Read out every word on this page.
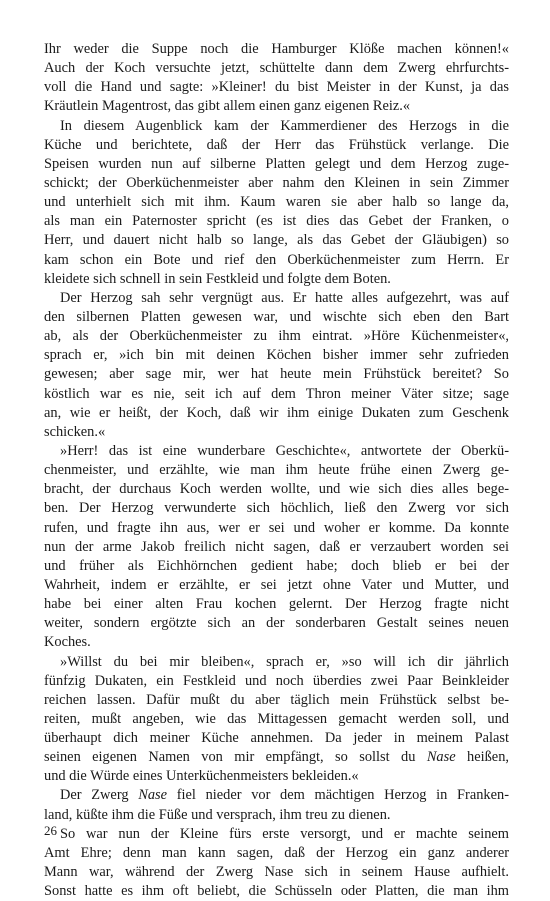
Ihr weder die Suppe noch die Hamburger Klöße machen können!«
Auch der Koch versuchte jetzt, schüttelte dann dem Zwerg ehrfurchts-
voll die Hand und sagte: »Kleiner! du bist Meister in der Kunst, ja das
Kräutlein Magentrost, das gibt allem einen ganz eigenen Reiz.«
In diesem Augenblick kam der Kammerdiener des Herzogs in die
Küche und berichtete, daß der Herr das Frühstück verlange. Die
Speisen wurden nun auf silberne Platten gelegt und dem Herzog zuge-
schickt; der Oberküchenmeister aber nahm den Kleinen in sein Zimmer
und unterhielt sich mit ihm. Kaum waren sie aber halb so lange da,
als man ein Paternoster spricht (es ist dies das Gebet der Franken, o
Herr, und dauert nicht halb so lange, als das Gebet der Gläubigen) so
kam schon ein Bote und rief den Oberküchenmeister zum Herrn. Er
kleidete sich schnell in sein Festkleid und folgte dem Boten.
Der Herzog sah sehr vergnügt aus. Er hatte alles aufgezehrt, was auf
den silbernen Platten gewesen war, und wischte sich eben den Bart
ab, als der Oberküchenmeister zu ihm eintrat. »Höre Küchenmeister«,
sprach er, »ich bin mit deinen Köchen bisher immer sehr zufrieden
gewesen; aber sage mir, wer hat heute mein Frühstück bereitet? So
köstlich war es nie, seit ich auf dem Thron meiner Väter sitze; sage
an, wie er heißt, der Koch, daß wir ihm einige Dukaten zum Geschenk
schicken.«
»Herr! das ist eine wunderbare Geschichte«, antwortete der Oberkü-
chenmeister, und erzählte, wie man ihm heute frühe einen Zwerg ge-
bracht, der durchaus Koch werden wollte, und wie sich dies alles bege-
ben. Der Herzog verwunderte sich höchlich, ließ den Zwerg vor sich
rufen, und fragte ihn aus, wer er sei und woher er komme. Da konnte
nun der arme Jakob freilich nicht sagen, daß er verzaubert worden sei
und früher als Eichhörnchen gedient habe; doch blieb er bei der
Wahrheit, indem er erzählte, er sei jetzt ohne Vater und Mutter, und
habe bei einer alten Frau kochen gelernt. Der Herzog fragte nicht
weiter, sondern ergötzte sich an der sonderbaren Gestalt seines neuen
Koches.
»Willst du bei mir bleiben«, sprach er, »so will ich dir jährlich
fünfzig Dukaten, ein Festkleid und noch überdies zwei Paar Beinkleider
reichen lassen. Dafür mußt du aber täglich mein Frühstück selbst be-
reiten, mußt angeben, wie das Mittagessen gemacht werden soll, und
überhaupt dich meiner Küche annehmen. Da jeder in meinem Palast
seinen eigenen Namen von mir empfängt, so sollst du Nase heißen,
und die Würde eines Unterküchenmeisters bekleiden.«
Der Zwerg Nase fiel nieder vor dem mächtigen Herzog in Franken-
land, küßte ihm die Füße und versprach, ihm treu zu dienen.
So war nun der Kleine fürs erste versorgt, und er machte seinem
Amt Ehre; denn man kann sagen, daß der Herzog ein ganz anderer
Mann war, während der Zwerg Nase sich in seinem Hause aufhielt.
Sonst hatte es ihm oft beliebt, die Schüsseln oder Platten, die man ihm
26
